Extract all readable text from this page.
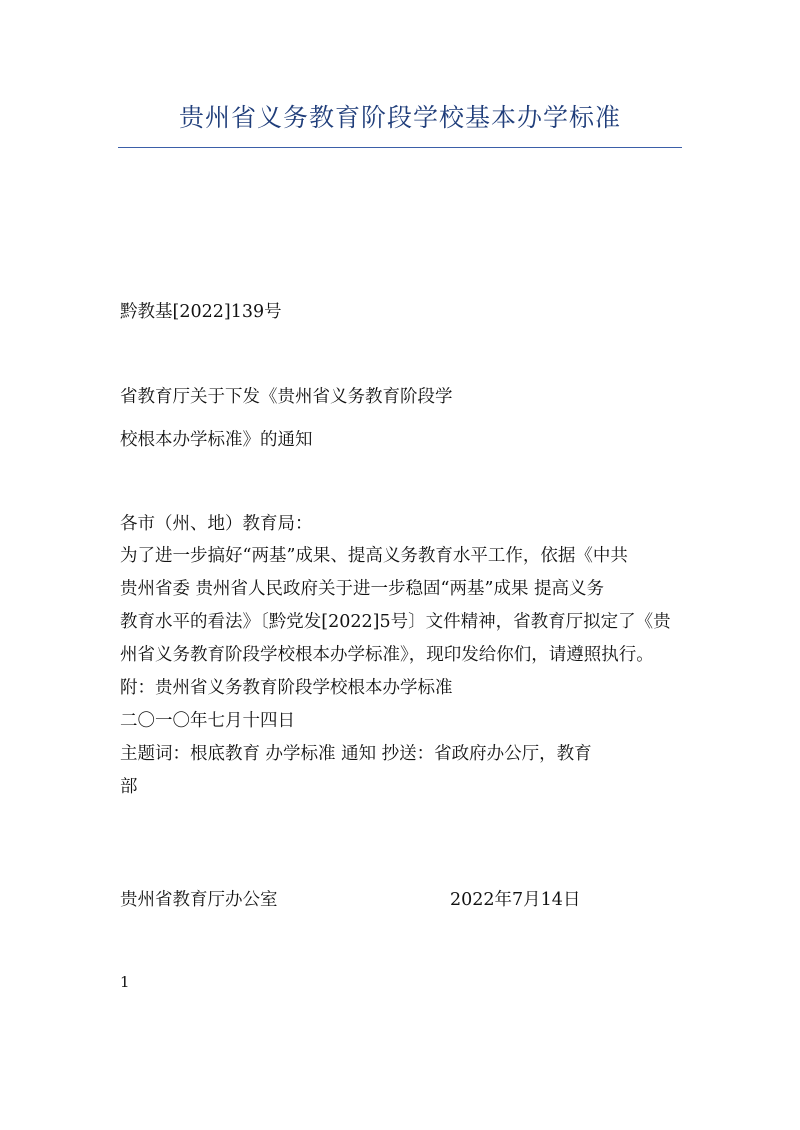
贵州省义务教育阶段学校基本办学标准

黔教基[2022]139号

省教育厅关于下发《贵州省义务教育阶段学

校根本办学标准》的通知

各市（州、地）教育局：

为了进一步搞好“两基”成果、提高义务教育水平工作，依据《中共
贵州省委 贵州省人民政府关于进一步稳固“两基”成果 提高义务
教育水平的看法》〔黔党发[2022]5号〕文件精神，省教育厅拟定了《贵
州省义务教育阶段学校根本办学标准》，现印发给你们，请遵照执行。
附：贵州省义务教育阶段学校根本办学标准
二〇一〇年七月十四日
主题词：根底教育 办学标准 通知 抄送：省政府办公厅，教育
部
贵州省教育厅办公室	2022年7月14日
1
